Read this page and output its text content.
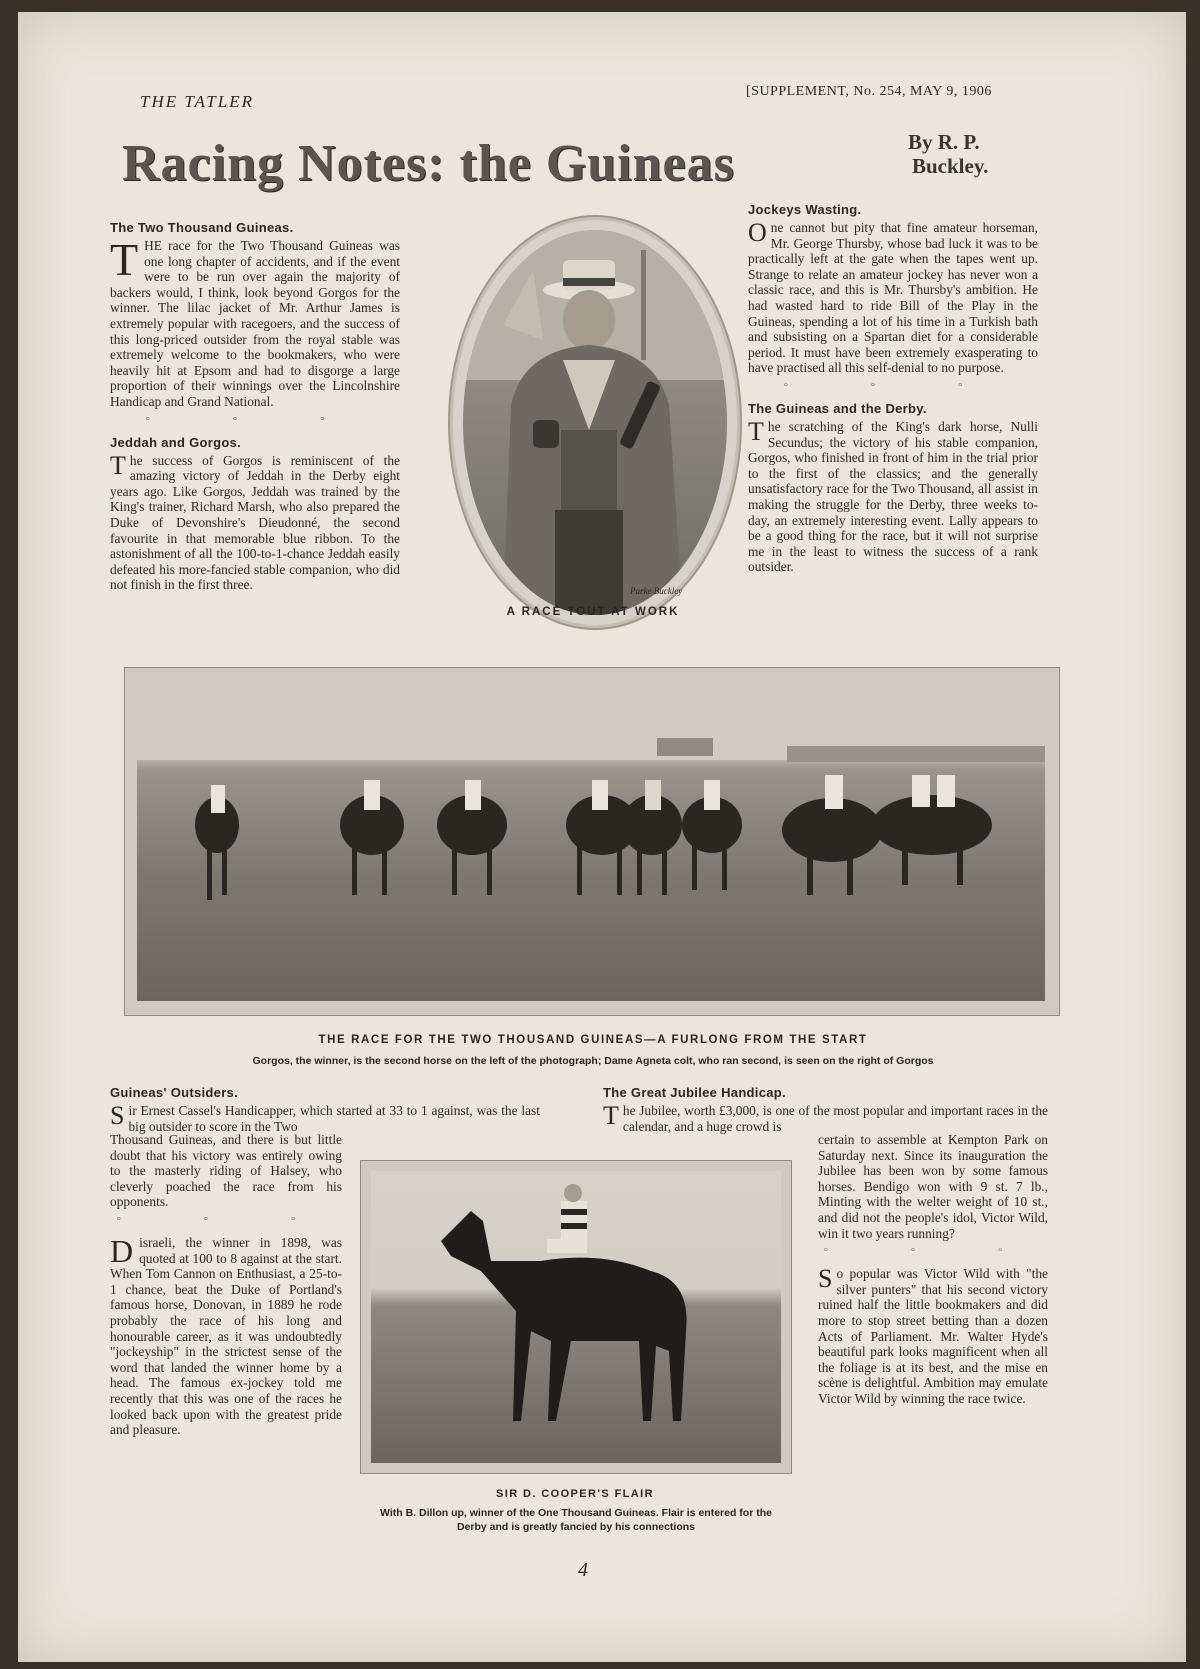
THE TATLER
[SUPPLEMENT, No. 254, MAY 9, 1906
Racing Notes: the Guineas	By R. P.
Buckley.
The Two Thousand Guineas.

THE race for the Two Thousand Guineas was one long chapter of accidents, and if the event were to be run over again the majority of backers would, I think, look beyond Gorgos for the winner. The lilac jacket of Mr. Arthur James is extremely popular with racegoers, and the success of this long-priced outsider from the royal stable was extremely welcome to the bookmakers, who were heavily hit at Epsom and had to disgorge a large proportion of their winnings over the Lincolnshire Handicap and Grand National.

° ° °
Jeddah and Gorgos.

The success of Gorgos is reminiscent of the amazing victory of Jeddah in the Derby eight years ago. Like Gorgos, Jeddah was trained by the King's trainer, Richard Marsh, who also prepared the Duke of Devonshire's Dieudonné, the second favourite in that memorable blue ribbon. To the astonishment of all the 100-to-1-chance Jeddah easily defeated his more-fancied stable companion, who did not finish in the first three.	Parke Buckley
A RACE TOUT AT WORK
Jockeys Wasting.

One cannot but pity that fine amateur horseman, Mr. George Thursby, whose bad luck it was to be practically left at the gate when the tapes went up. Strange to relate an amateur jockey has never won a classic race, and this is Mr. Thursby's ambition. He had wasted hard to ride Bill of the Play in the Guineas, spending a lot of his time in a Turkish bath and subsisting on a Spartan diet for a considerable period. It must have been extremely exasperating to have practised all this self-denial to no purpose.

° ° °
The Guineas and the Derby.

The scratching of the King's dark horse, Nulli Secundus; the victory of his stable companion, Gorgos, who finished in front of him in the trial prior to the first of the classics; and the generally unsatisfactory race for the Two Thousand, all assist in making the struggle for the Derby, three weeks to-day, an extremely interesting event. Lally appears to be a good thing for the race, but it will not surprise me in the least to witness the success of a rank outsider.

THE RACE FOR THE TWO THOUSAND GUINEAS—A FURLONG FROM THE START
Gorgos, the winner, is the second horse on the left of the photograph; Dame Agneta colt, who ran second, is seen on the right of Gorgos
Guineas' Outsiders.

Sir Ernest Cassel's Handicapper, which started at 33 to 1 against, was the last big outsider to score in the Two

Thousand Guineas, and there is but little doubt that his victory was entirely owing to the masterly riding of Halsey, who cleverly poached the race from his opponents.

° ° °

Disraeli, the winner in 1898, was quoted at 100 to 8 against at the start. When Tom Cannon on Enthusiast, a 25-to-1 chance, beat the Duke of Portland's famous horse, Donovan, in 1889 he rode probably the race of his long and honourable career, as it was undoubtedly "jockeyship" in the strictest sense of the word that landed the winner home by a head. The famous ex-jockey told me recently that this was one of the races he looked back upon with the greatest pride and pleasure.

SIR D. COOPER'S FLAIR
With B. Dillon up, winner of the One Thousand Guineas. Flair is entered for the Derby and is greatly fancied by his connections
The Great Jubilee Handicap.

The Jubilee, worth £3,000, is one of the most popular and important races in the calendar, and a huge crowd is

certain to assemble at Kempton Park on Saturday next. Since its inauguration the Jubilee has been won by some famous horses. Bendigo won with 9 st. 7 lb., Minting with the welter weight of 10 st., and did not the people's idol, Victor Wild, win it two years running?

° ° °

So popular was Victor Wild with "the silver punters" that his second victory ruined half the little bookmakers and did more to stop street betting than a dozen Acts of Parliament. Mr. Walter Hyde's beautiful park looks magnificent when all the foliage is at its best, and the mise en scène is delightful. Ambition may emulate Victor Wild by winning the race twice.

4
